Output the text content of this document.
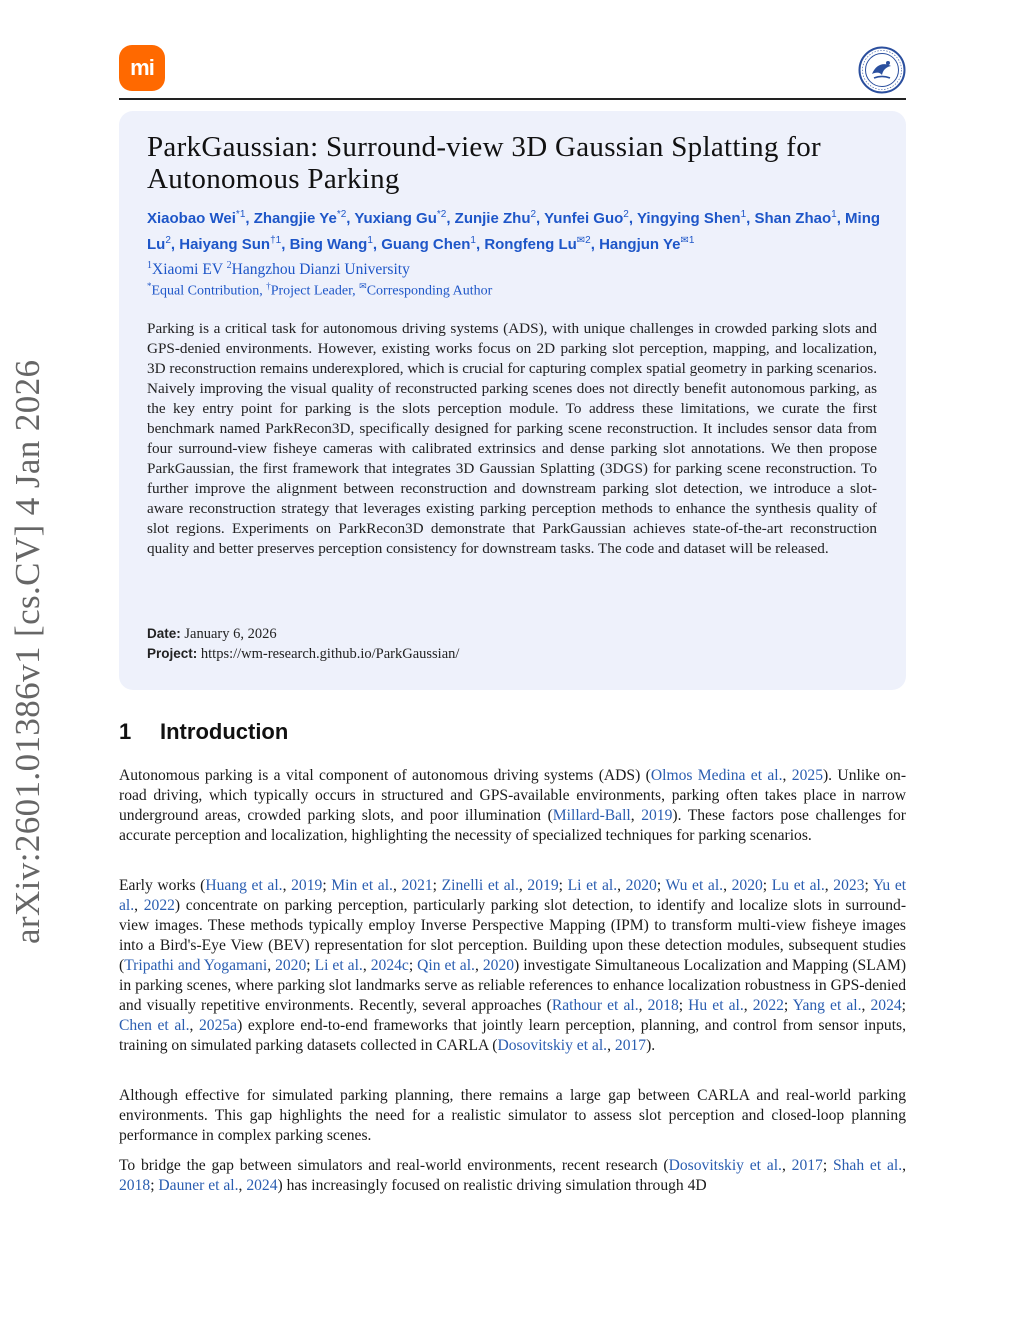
mi
arXiv:2601.01386v1 [cs.CV] 4 Jan 2026
ParkGaussian: Surround-view 3D Gaussian Splatting for Autonomous Parking
Xiaobao Wei$^{*1}$, Zhangjie Ye$^{*2}$, Yuxiang Gu$^{*2}$, Zunjie Zhu$^2$, Yunfei Guo$^2$, Yingying Shen$^1$, Shan Zhao$^1$, Ming Lu$^2$, Haiyang Sun$^{\dagger 1}$, Bing Wang$^1$, Guang Chen$^1$, Rongfeng $Lu^{✉2}$, Hangjun $Ye^{✉1}$
$^1$Xiaomi EV $^2$Hangzhou Dianzi University
*Equal Contribution, †Project Leader, ✉Corresponding Author
Parking is a critical task for autonomous driving systems (ADS), with unique challenges in crowded parking slots and GPS-denied environments. However, existing works focus on 2D parking slot perception, mapping, and localization, 3D reconstruction remains underexplored, which is crucial for capturing complex spatial geometry in parking scenarios. Naively improving the visual quality of reconstructed parking scenes does not directly benefit autonomous parking, as the key entry point for parking is the slots perception module. To address these limitations, we curate the first benchmark named ParkRecon3D, specifically designed for parking scene reconstruction. It includes sensor data from four surround-view fisheye cameras with calibrated extrinsics and dense parking slot annotations. We then propose ParkGaussian, the first framework that integrates 3D Gaussian Splatting (3DGS) for parking scene reconstruction. To further improve the alignment between reconstruction and downstream parking slot detection, we introduce a slot-aware reconstruction strategy that leverages existing parking perception methods to enhance the synthesis quality of slot regions. Experiments on ParkRecon3D demonstrate that ParkGaussian achieves state-of-the-art reconstruction quality and better preserves perception consistency for downstream tasks. The code and dataset will be released.
Date: January 6, 2026
Project: https://wm-research.github.io/ParkGaussian/
1 Introduction

Autonomous parking is a vital component of autonomous driving systems (ADS) (Olmos Medina et al., 2025). Unlike on-road driving, which typically occurs in structured and GPS-available environments, parking often takes place in narrow underground areas, crowded parking slots, and poor illumination (Millard-Ball, 2019). These factors pose challenges for accurate perception and localization, highlighting the necessity of specialized techniques for parking scenarios.

Early works (Huang et al., 2019; Min et al., 2021; Zinelli et al., 2019; Li et al., 2020; Wu et al., 2020; Lu et al., 2023; Yu et al., 2022) concentrate on parking perception, particularly parking slot detection, to identify and localize slots in surround-view images. These methods typically employ Inverse Perspective Mapping (IPM) to transform multi-view fisheye images into a Bird's-Eye View (BEV) representation for slot perception. Building upon these detection modules, subsequent studies (Tripathi and Yogamani, 2020; Li et al., 2024c; Qin et al., 2020) investigate Simultaneous Localization and Mapping (SLAM) in parking scenes, where parking slot landmarks serve as reliable references to enhance localization robustness in GPS-denied and visually repetitive environments. Recently, several approaches (Rathour et al., 2018; Hu et al., 2022; Yang et al., 2024; Chen et al., 2025a) explore end-to-end frameworks that jointly learn perception, planning, and control from sensor inputs, training on simulated parking datasets collected in CARLA (Dosovitskiy et al., 2017).

Although effective for simulated parking planning, there remains a large gap between CARLA and real-world parking environments. This gap highlights the need for a realistic simulator to assess slot perception and closed-loop planning performance in complex parking scenes.

To bridge the gap between simulators and real-world environments, recent research (Dosovitskiy et al., 2017; Shah et al., 2018; Dauner et al., 2024) has increasingly focused on realistic driving simulation through 4D
